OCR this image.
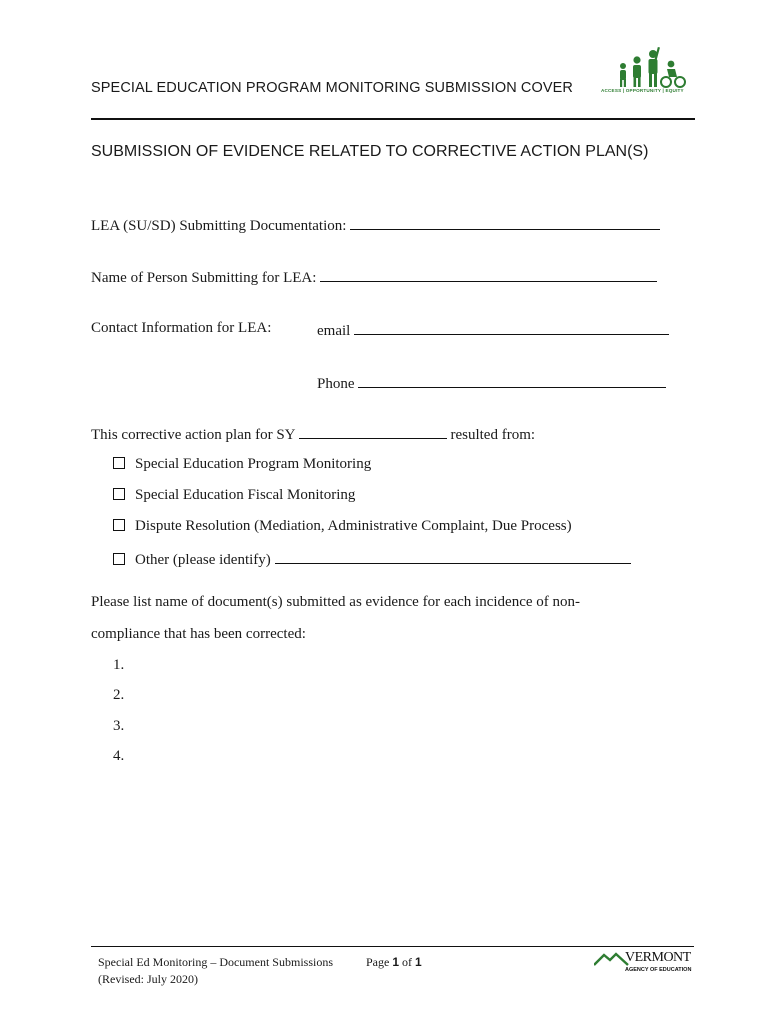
SPECIAL EDUCATION PROGRAM MONITORING SUBMISSION COVER	ACCESS | OPPORTUNITY | EQUITY
SUBMISSION OF EVIDENCE RELATED TO CORRECTIVE ACTION PLAN(S)
LEA (SU/SD) Submitting Documentation:
Name of Person Submitting for LEA:
Contact Information for LEA:	email
Phone
This corrective action plan for SY	resulted from:
Special Education Program Monitoring
Special Education Fiscal Monitoring
Dispute Resolution (Mediation, Administrative Complaint, Due Process)
Other (please identify)
Please list name of document(s) submitted as evidence for each incidence of non-
compliance that has been corrected:
1.
2.
3.
4.
Special Ed Monitoring – Document Submissions
(Revised: July 2020)
Page 1 of 1	VERMONT
AGENCY OF EDUCATION
